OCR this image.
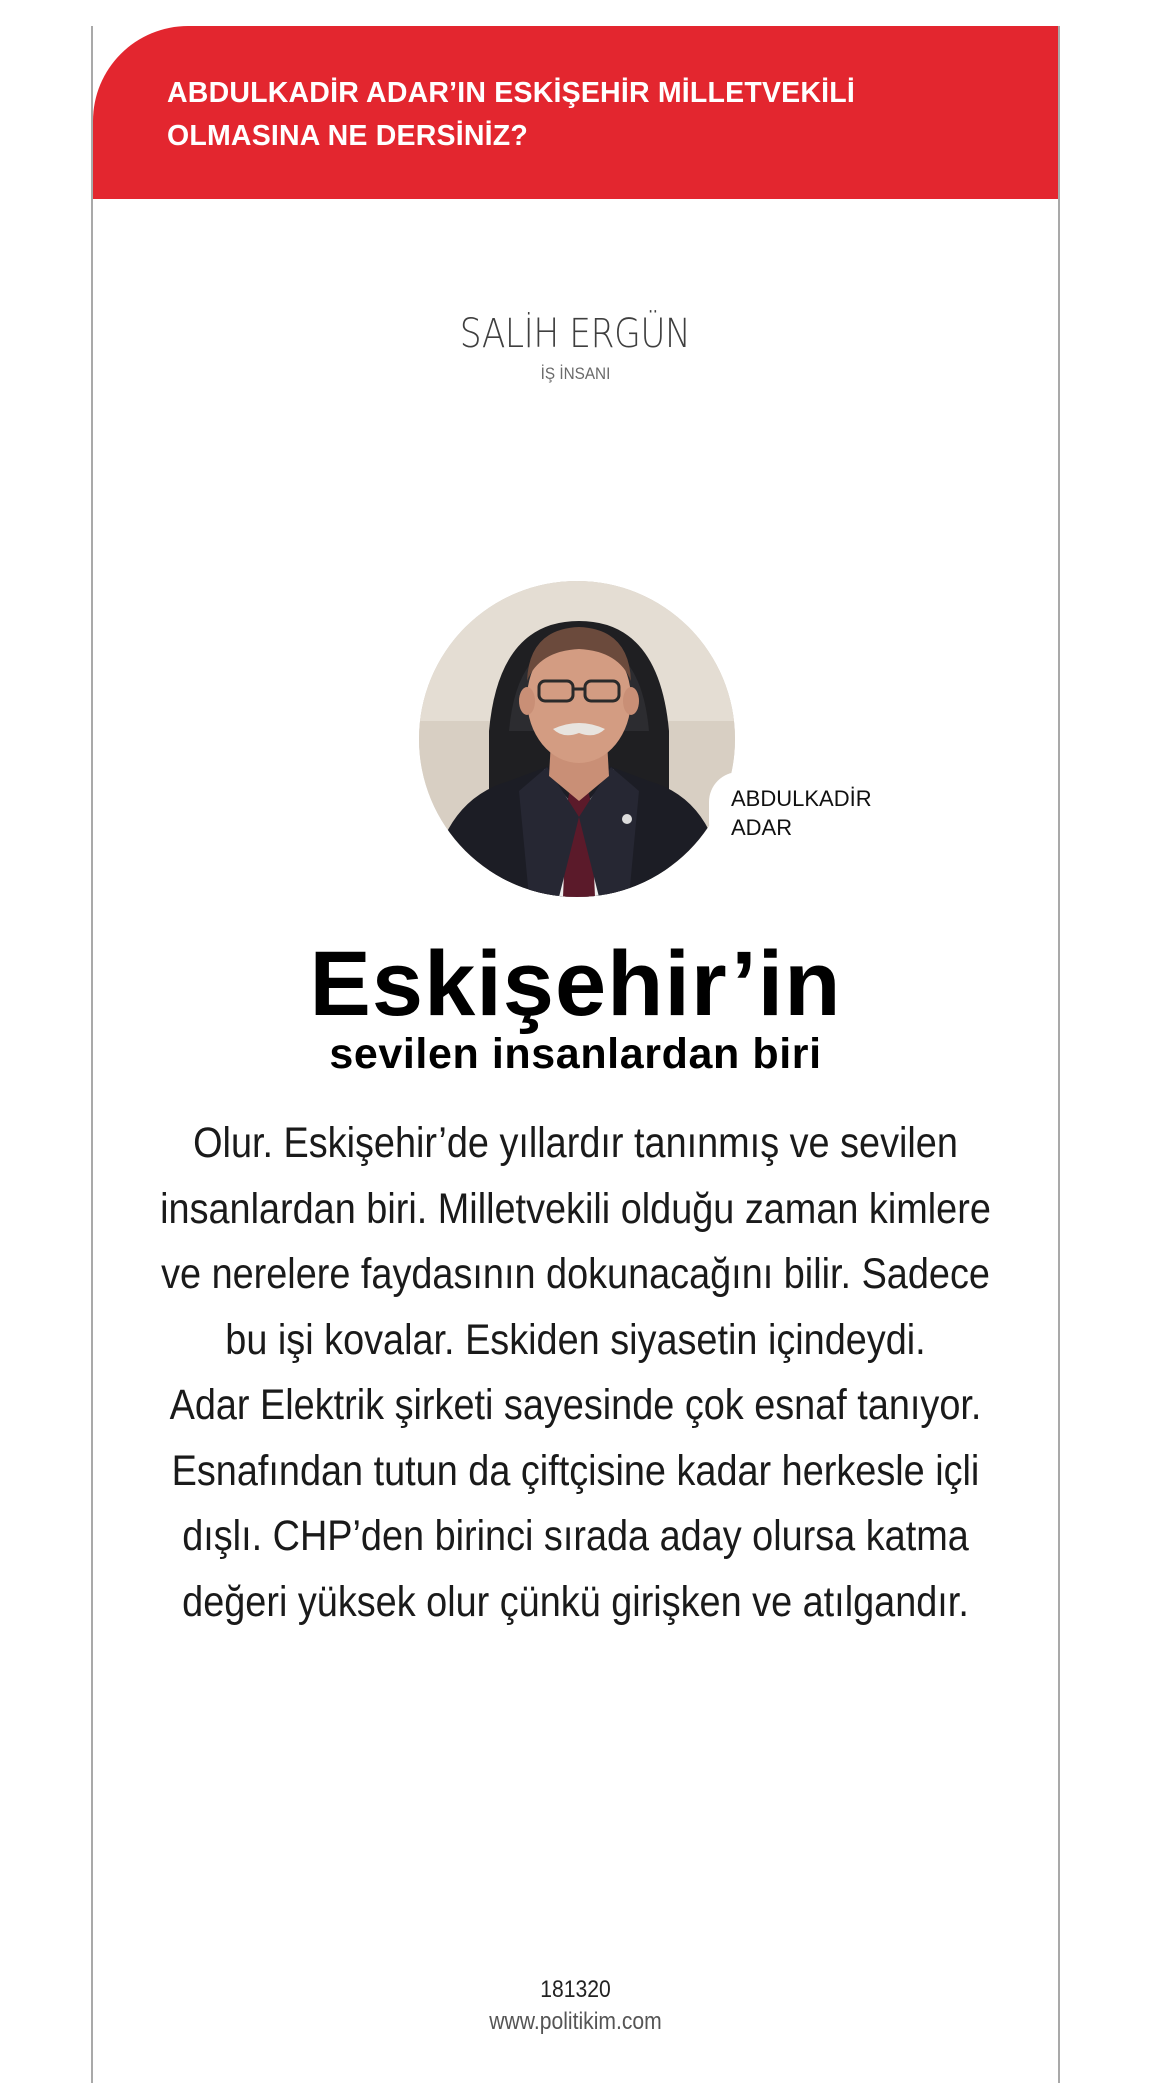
ABDULKADİR ADAR’IN ESKİŞEHİR MİLLETVEKİLİ
OLMASINA NE DERSİNİZ?
SALİH ERGÜN
İŞ İNSANI
ABDULKADİR
ADAR
Eskişehir’in
sevilen insanlardan biri
Olur. Eskişehir’de yıllardır tanınmış ve sevilen
insanlardan biri. Milletvekili olduğu zaman kimlere
ve nerelere faydasının dokunacağını bilir. Sadece
bu işi kovalar. Eskiden siyasetin içindeydi.
Adar Elektrik şirketi sayesinde çok esnaf tanıyor.
Esnafından tutun da çiftçisine kadar herkesle içli
dışlı. CHP’den birinci sırada aday olursa katma
değeri yüksek olur çünkü girişken ve atılgandır.
181320
www.politikim.com
